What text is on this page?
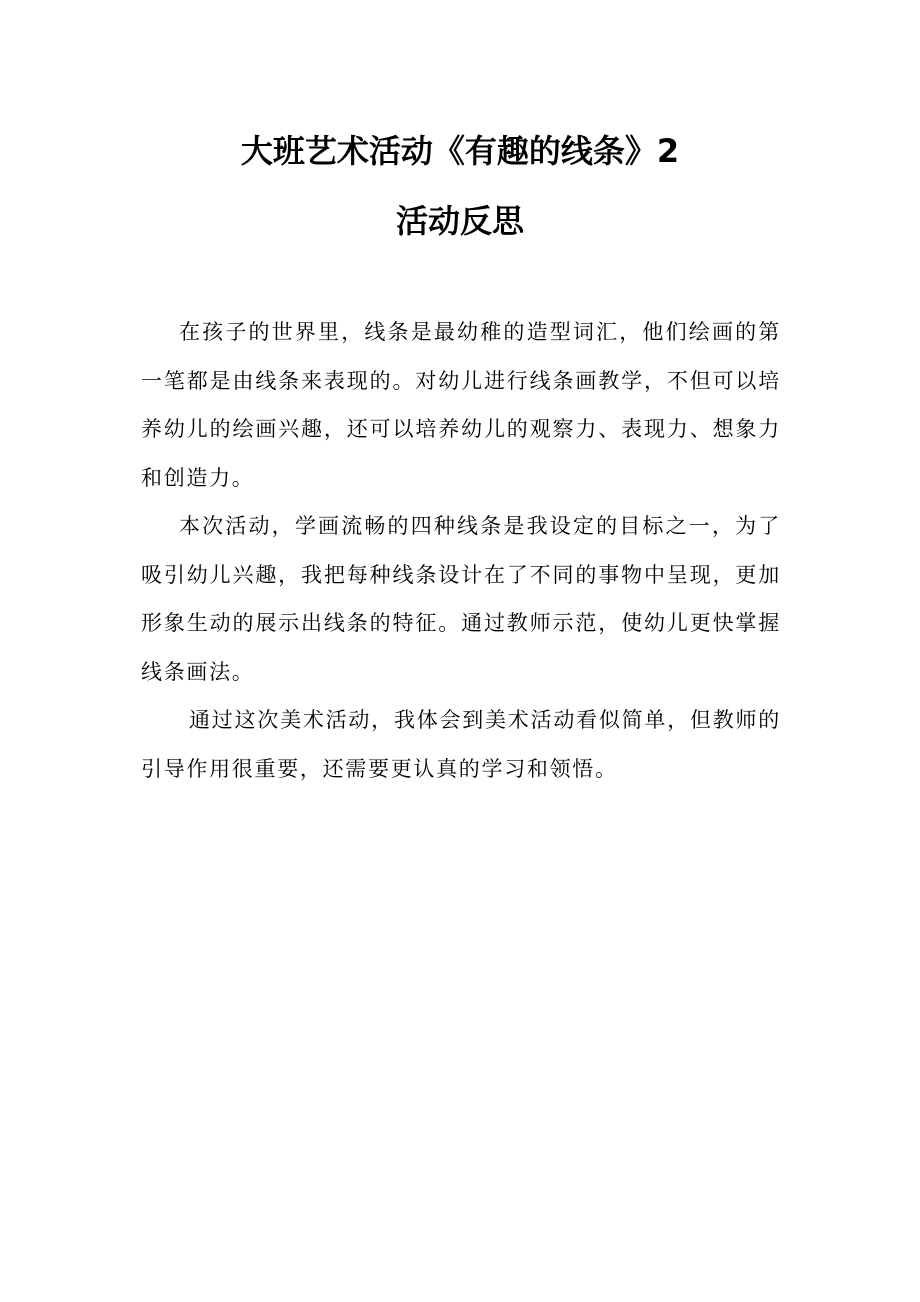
大班艺术活动《有趣的线条》2
活动反思

在孩子的世界里，线条是最幼稚的造型词汇，他们绘画的第一笔都是由线条来表现的。对幼儿进行线条画教学，不但可以培养幼儿的绘画兴趣，还可以培养幼儿的观察力、表现力、想象力和创造力。

本次活动，学画流畅的四种线条是我设定的目标之一，为了吸引幼儿兴趣，我把每种线条设计在了不同的事物中呈现，更加形象生动的展示出线条的特征。通过教师示范，使幼儿更快掌握线条画法。

通过这次美术活动，我体会到美术活动看似简单，但教师的引导作用很重要，还需要更认真的学习和领悟。
